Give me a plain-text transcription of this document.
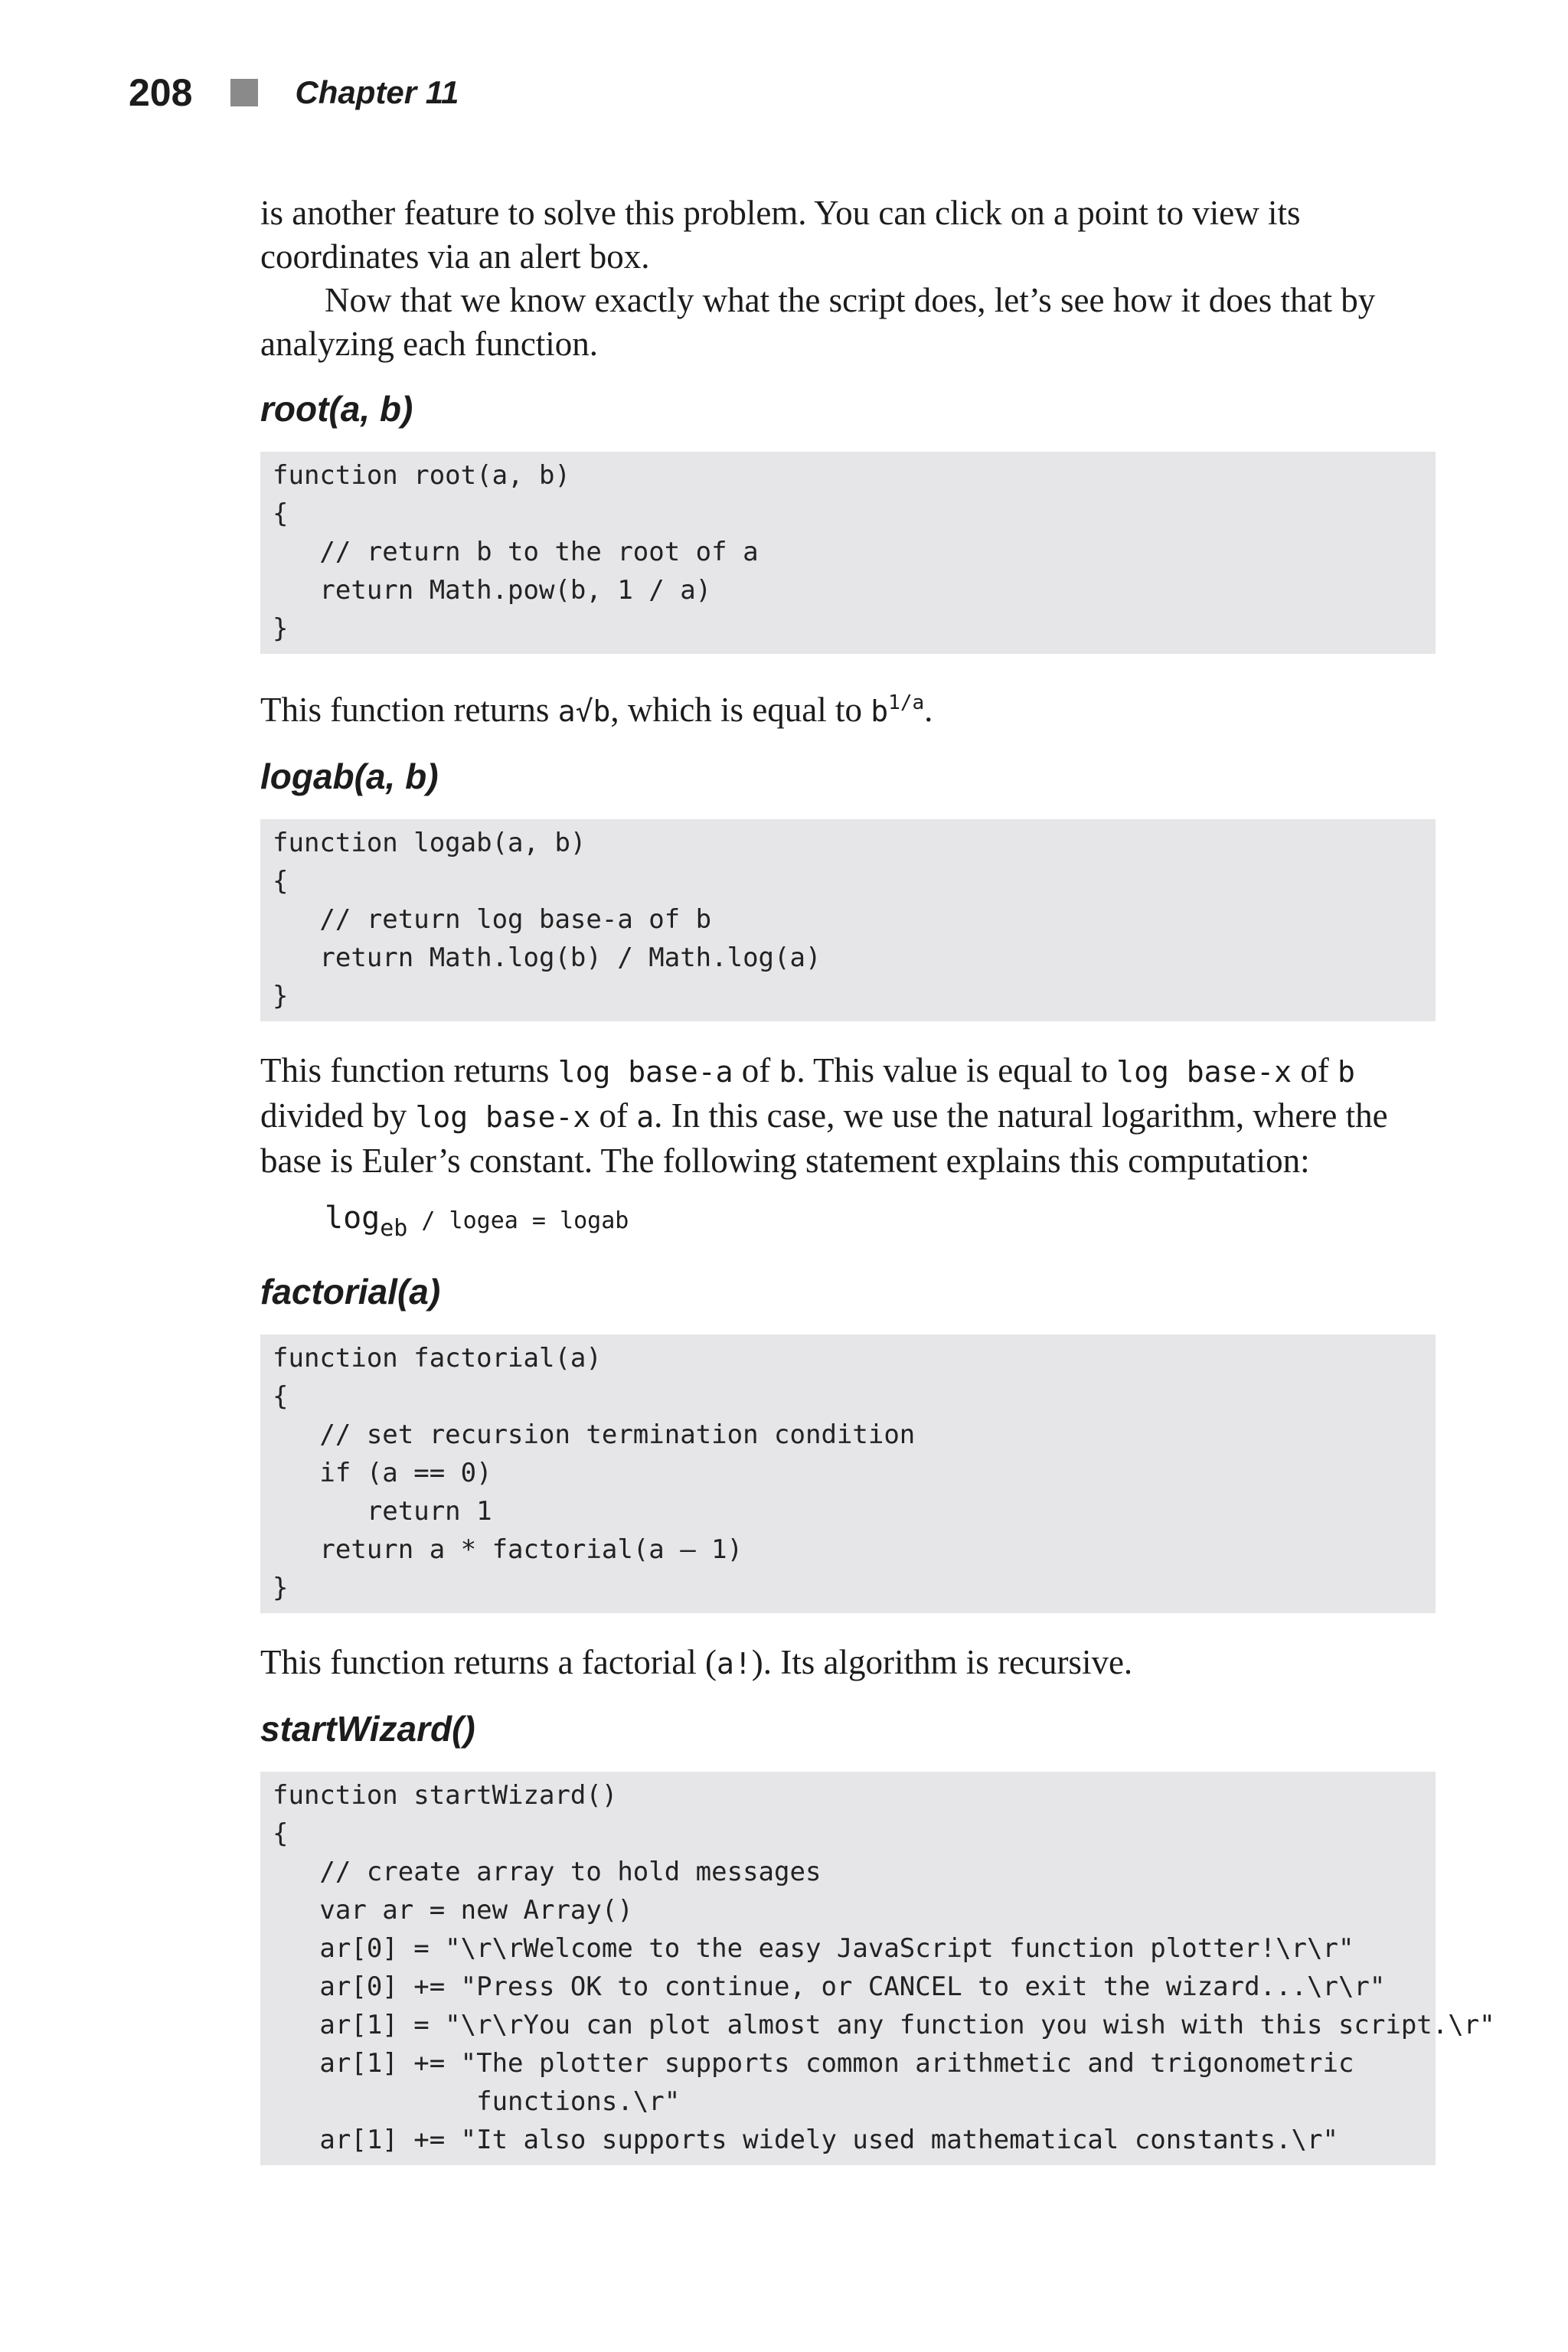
208	Chapter 11

is another feature to solve this problem. You can click on a point to view its coordinates via an alert box.

Now that we know exactly what the script does, let’s see how it does that by analyzing each function.

root(a, b)
function root(a, b)
{
// return b to the root of a
return Math.pow(b, 1 / a)
}

This function returns a√b, which is equal to $b^{1/a}$.

logab(a, b)
function logab(a, b)
{
// return log base-a of b
return Math.log(b) / Math.log(a)
}

This function returns log base-a of b. This value is equal to log base-x of b divided by log base-x of a. In this case, we use the natural logarithm, where the base is Euler’s constant. The following statement explains this computation:

$\log_{eb}$ / logea = logab
factorial(a)
function factorial(a)
{
// set recursion termination condition
if (a == 0)
return 1
return a * factorial(a – 1)
}

This function returns a factorial (a!). Its algorithm is recursive.

startWizard()
function startWizard()
{
// create array to hold messages
var ar = new Array()
ar[0] = "\r\rWelcome to the easy JavaScript function plotter!\r\r"
ar[0] += "Press OK to continue, or CANCEL to exit the wizard...\r\r"
ar[1] = "\r\rYou can plot almost any function you wish with this script.\r"
ar[1] += "The plotter supports common arithmetic and trigonometric
functions.\r"
ar[1] += "It also supports widely used mathematical constants.\r"
